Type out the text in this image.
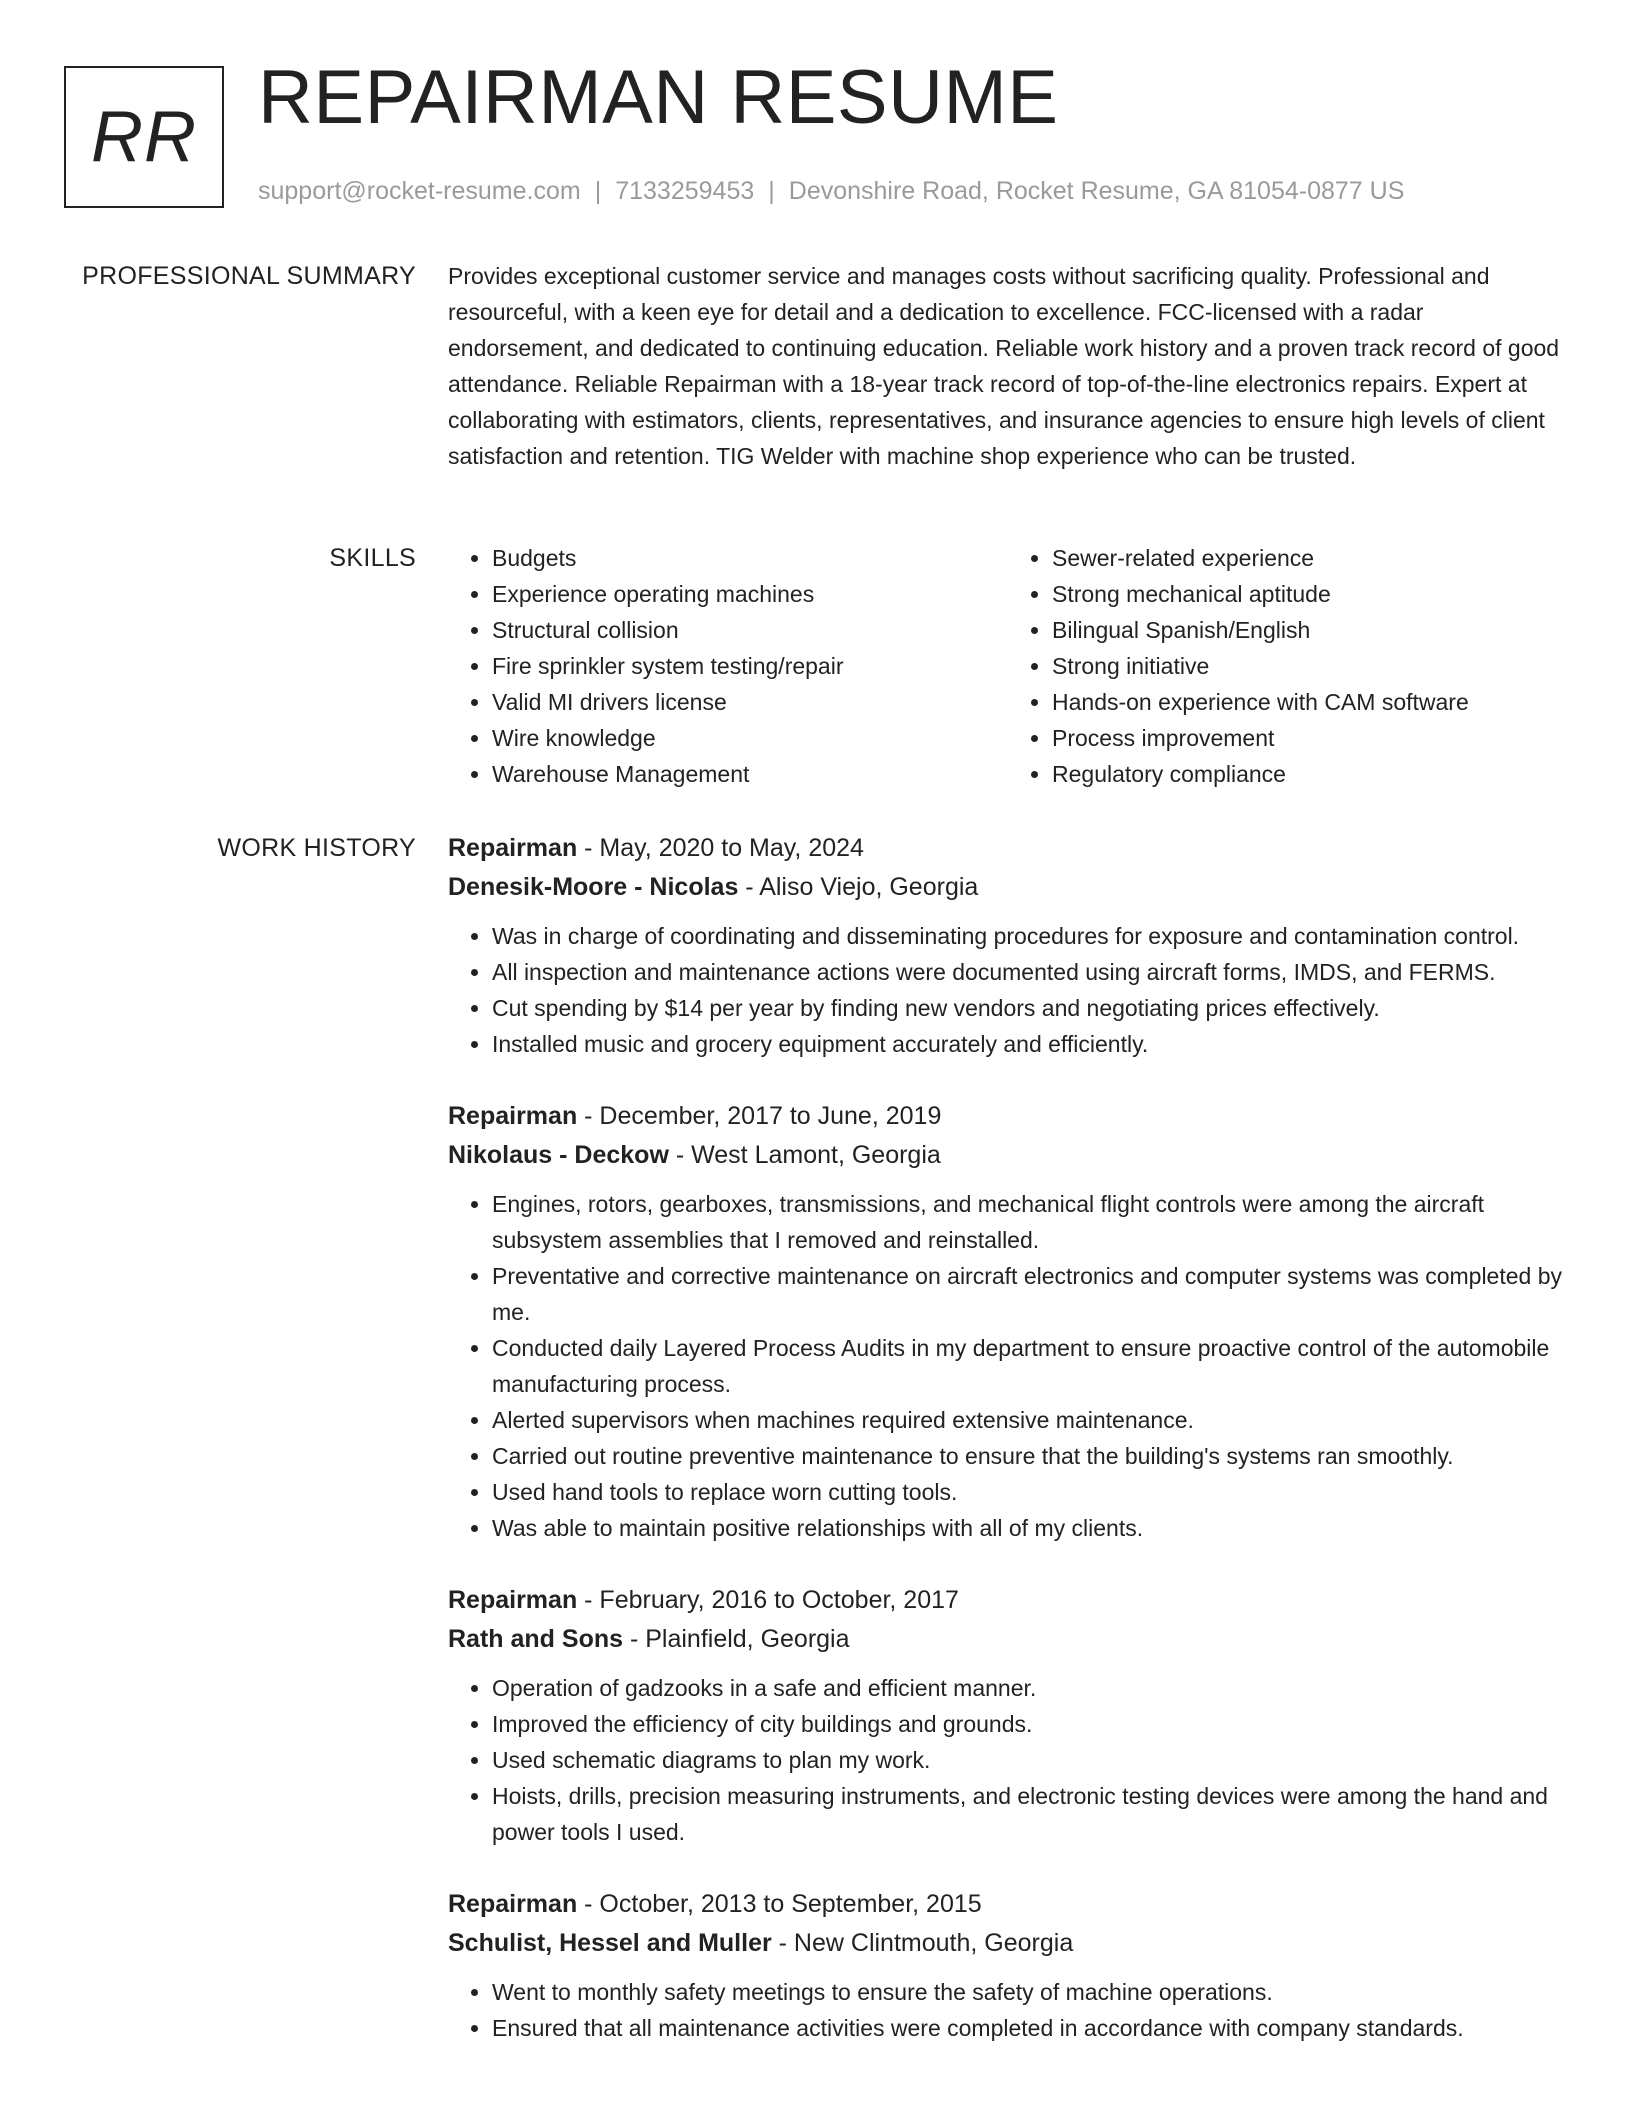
RR REPAIRMAN RESUME
support@rocket-resume.com | 7133259453 | Devonshire Road, Rocket Resume, GA 81054-0877 US
PROFESSIONAL SUMMARY Provides exceptional customer service and manages costs without sacrificing quality. Professional and resourceful, with a keen eye for detail and a dedication to excellence. FCC-licensed with a radar endorsement, and dedicated to continuing education. Reliable work history and a proven track record of good attendance. Reliable Repairman with a 18-year track record of top-of-the-line electronics repairs. Expert at collaborating with estimators, clients, representatives, and insurance agencies to ensure high levels of client satisfaction and retention. TIG Welder with machine shop experience who can be trusted.

SKILLS
•	Budgets
• Experience operating machines
• Structural collision
• Fire sprinkler system testing/repair
• Valid MI drivers license
• Wire knowledge
• Warehouse Management
• Sewer-related experience
• Strong mechanical aptitude
• Bilingual Spanish/English
• Strong initiative
• Hands-on experience with CAM software
• Process improvement
• Regulatory compliance
WORK HISTORY Repairman - May, 2020 to May, 2024
Denesik-Moore - Nicolas - Aliso Viejo, Georgia
• Was in charge of coordinating and disseminating procedures for exposure and contamination control.
• All inspection and maintenance actions were documented using aircraft forms, IMDS, and FERMS.
• Cut spending by $14 per year by finding new vendors and negotiating prices effectively.
• Installed music and grocery equipment accurately and efficiently.
Repairman - December, 2017 to June, 2019
Nikolaus - Deckow - West Lamont, Georgia
• Engines, rotors, gearboxes, transmissions, and mechanical flight controls were among the aircraft subsystem assemblies that I removed and reinstalled.
• Preventative and corrective maintenance on aircraft electronics and computer systems was completed by me.
• Conducted daily Layered Process Audits in my department to ensure proactive control of the automobile manufacturing process.
• Alerted supervisors when machines required extensive maintenance.
• Carried out routine preventive maintenance to ensure that the building's systems ran smoothly.
• Used hand tools to replace worn cutting tools.
• Was able to maintain positive relationships with all of my clients.
Repairman - February, 2016 to October, 2017
Rath and Sons - Plainfield, Georgia
• Operation of gadzooks in a safe and efficient manner.
• Improved the efficiency of city buildings and grounds.
• Used schematic diagrams to plan my work.
• Hoists, drills, precision measuring instruments, and electronic testing devices were among the hand and power tools I used.
Repairman - October, 2013 to September, 2015
Schulist, Hessel and Muller - New Clintmouth, Georgia
• Went to monthly safety meetings to ensure the safety of machine operations.
• Ensured that all maintenance activities were completed in accordance with company standards.
